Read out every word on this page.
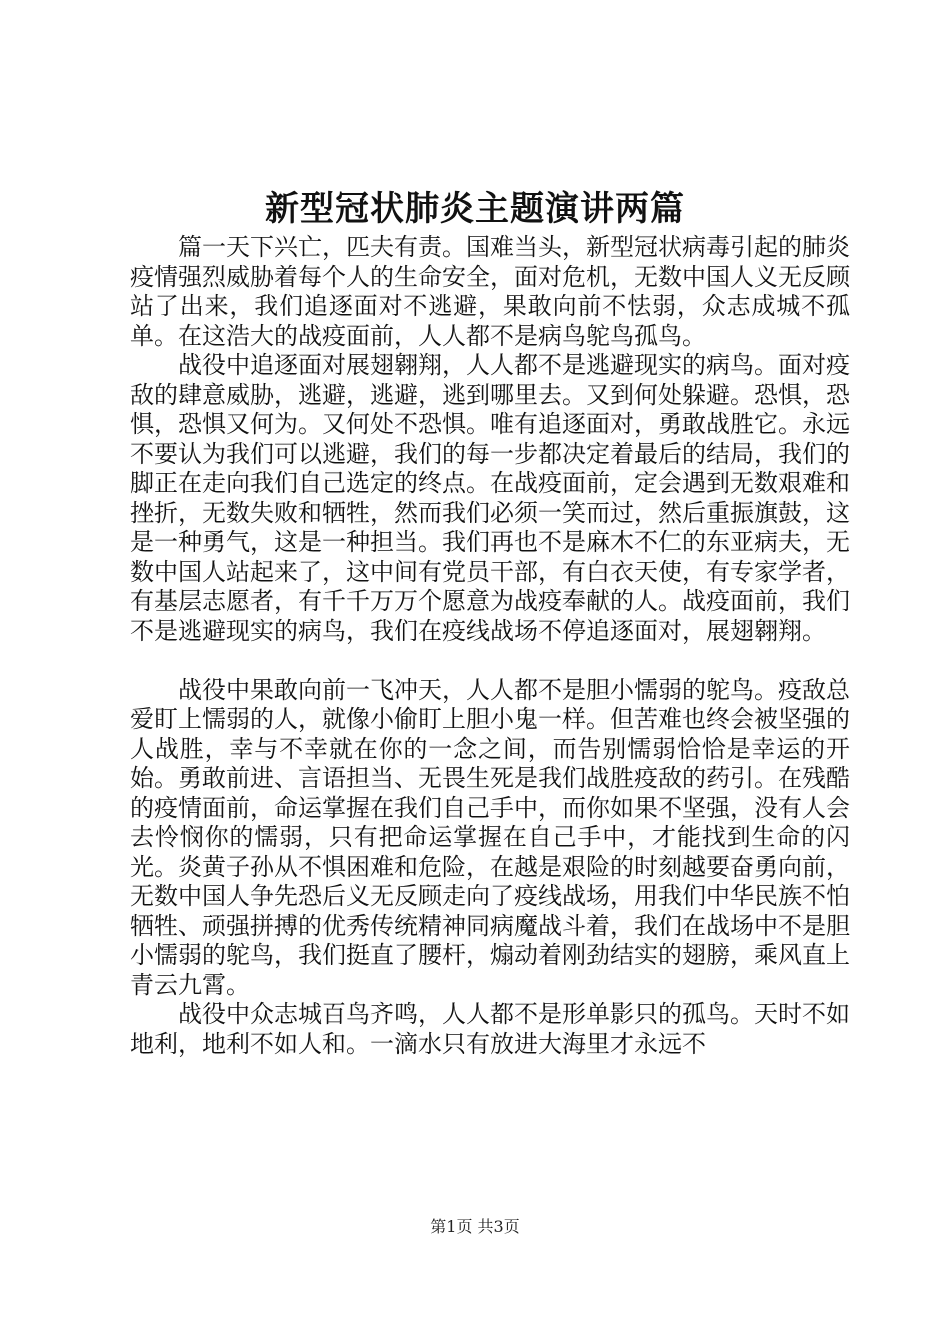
新型冠状肺炎主题演讲两篇

篇一天下兴亡，匹夫有责。国难当头，新型冠状病毒引起的肺炎疫情强烈威胁着每个人的生命安全，面对危机，无数中国人义无反顾站了出来，我们追逐面对不逃避，果敢向前不怯弱，众志成城不孤单。在这浩大的战疫面前，人人都不是病鸟鸵鸟孤鸟。

战役中追逐面对展翅翱翔，人人都不是逃避现实的病鸟。面对疫敌的肆意威胁，逃避，逃避，逃到哪里去。又到何处躲避。恐惧，恐惧，恐惧又何为。又何处不恐惧。唯有追逐面对，勇敢战胜它。永远不要认为我们可以逃避，我们的每一步都决定着最后的结局，我们的脚正在走向我们自己选定的终点。在战疫面前，定会遇到无数艰难和挫折，无数失败和牺牲，然而我们必须一笑而过，然后重振旗鼓，这是一种勇气，这是一种担当。我们再也不是麻木不仁的东亚病夫，无数中国人站起来了，这中间有党员干部，有白衣天使，有专家学者，有基层志愿者，有千千万万个愿意为战疫奉献的人。战疫面前，我们不是逃避现实的病鸟，我们在疫线战场不停追逐面对，展翅翱翔。

战役中果敢向前一飞冲天，人人都不是胆小懦弱的鸵鸟。疫敌总爱盯上懦弱的人，就像小偷盯上胆小鬼一样。但苦难也终会被坚强的人战胜，幸与不幸就在你的一念之间，而告别懦弱恰恰是幸运的开始。勇敢前进、言语担当、无畏生死是我们战胜疫敌的药引。在残酷的疫情面前，命运掌握在我们自己手中，而你如果不坚强，没有人会去怜悯你的懦弱，只有把命运掌握在自己手中，才能找到生命的闪光。炎黄子孙从不惧困难和危险，在越是艰险的时刻越要奋勇向前，无数中国人争先恐后义无反顾走向了疫线战场，用我们中华民族不怕牺牲、顽强拼搏的优秀传统精神同病魔战斗着，我们在战场中不是胆小懦弱的鸵鸟，我们挺直了腰杆，煽动着刚劲结实的翅膀，乘风直上青云九霄。

战役中众志城百鸟齐鸣，人人都不是形单影只的孤鸟。天时不如地利，地利不如人和。一滴水只有放进大海里才永远不

第1页 共3页
